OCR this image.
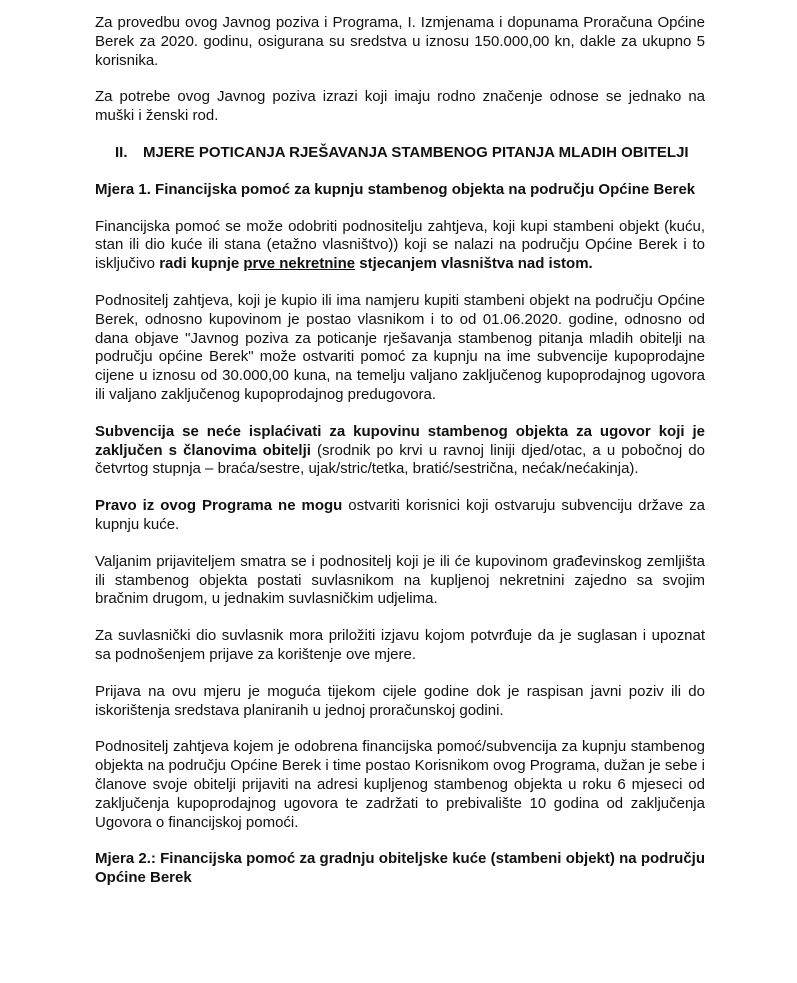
Za provedbu ovog Javnog poziva i Programa, I. Izmjenama i dopunama Proračuna Općine Berek za 2020. godinu, osigurana su sredstva u iznosu 150.000,00 kn, dakle za ukupno 5 korisnika.

Za potrebe ovog Javnog poziva izrazi koji imaju rodno značenje odnose se jednako na muški i ženski rod.

II.	MJERE POTICANJA RJEŠAVANJA STAMBENOG PITANJA MLADIH OBITELJI

Mjera 1. Financijska pomoć za kupnju stambenog objekta na području Općine Berek

Financijska pomoć se može odobriti podnositelju zahtjeva, koji kupi stambeni objekt (kuću, stan ili dio kuće ili stana (etažno vlasništvo)) koji se nalazi na području Općine Berek i to isključivo radi kupnje prve nekretnine stjecanjem vlasništva nad istom.

Podnositelj zahtjeva, koji je kupio ili ima namjeru kupiti stambeni objekt na području Općine Berek, odnosno kupovinom je postao vlasnikom i to od 01.06.2020. godine, odnosno od dana objave "Javnog poziva za poticanje rješavanja stambenog pitanja mladih obitelji na području općine Berek" može ostvariti pomoć za kupnju na ime subvencije kupoprodajne cijene u iznosu od 30.000,00 kuna, na temelju valjano zaključenog kupoprodajnog ugovora ili valjano zaključenog kupoprodajnog predugovora.

Subvencija se neće isplaćivati za kupovinu stambenog objekta za ugovor koji je zaključen s članovima obitelji (srodnik po krvi u ravnoj liniji djed/otac, a u pobočnoj do četvrtog stupnja – braća/sestre, ujak/stric/tetka, bratić/sestrična, nećak/nećakinja).

Pravo iz ovog Programa ne mogu ostvariti korisnici koji ostvaruju subvenciju države za kupnju kuće.

Valjanim prijaviteljem smatra se i podnositelj koji je ili će kupovinom građevinskog zemljišta ili stambenog objekta postati suvlasnikom na kupljenoj nekretnini zajedno sa svojim bračnim drugom, u jednakim suvlasničkim udjelima.

Za suvlasnički dio suvlasnik mora priložiti izjavu kojom potvrđuje da je suglasan i upoznat sa podnošenjem prijave za korištenje ove mjere.

Prijava na ovu mjeru je moguća tijekom cijele godine dok je raspisan javni poziv ili do iskorištenja sredstava planiranih u jednoj proračunskoj godini.

Podnositelj zahtjeva kojem je odobrena financijska pomoć/subvencija za kupnju stambenog objekta na području Općine Berek i time postao Korisnikom ovog Programa, dužan je sebe i članove svoje obitelji prijaviti na adresi kupljenog stambenog objekta u roku 6 mjeseci od zaključenja kupoprodajnog ugovora te zadržati to prebivalište 10 godina od zaključenja Ugovora o financijskoj pomoći.

Mjera 2.: Financijska pomoć za gradnju obiteljske kuće (stambeni objekt) na području Općine Berek
